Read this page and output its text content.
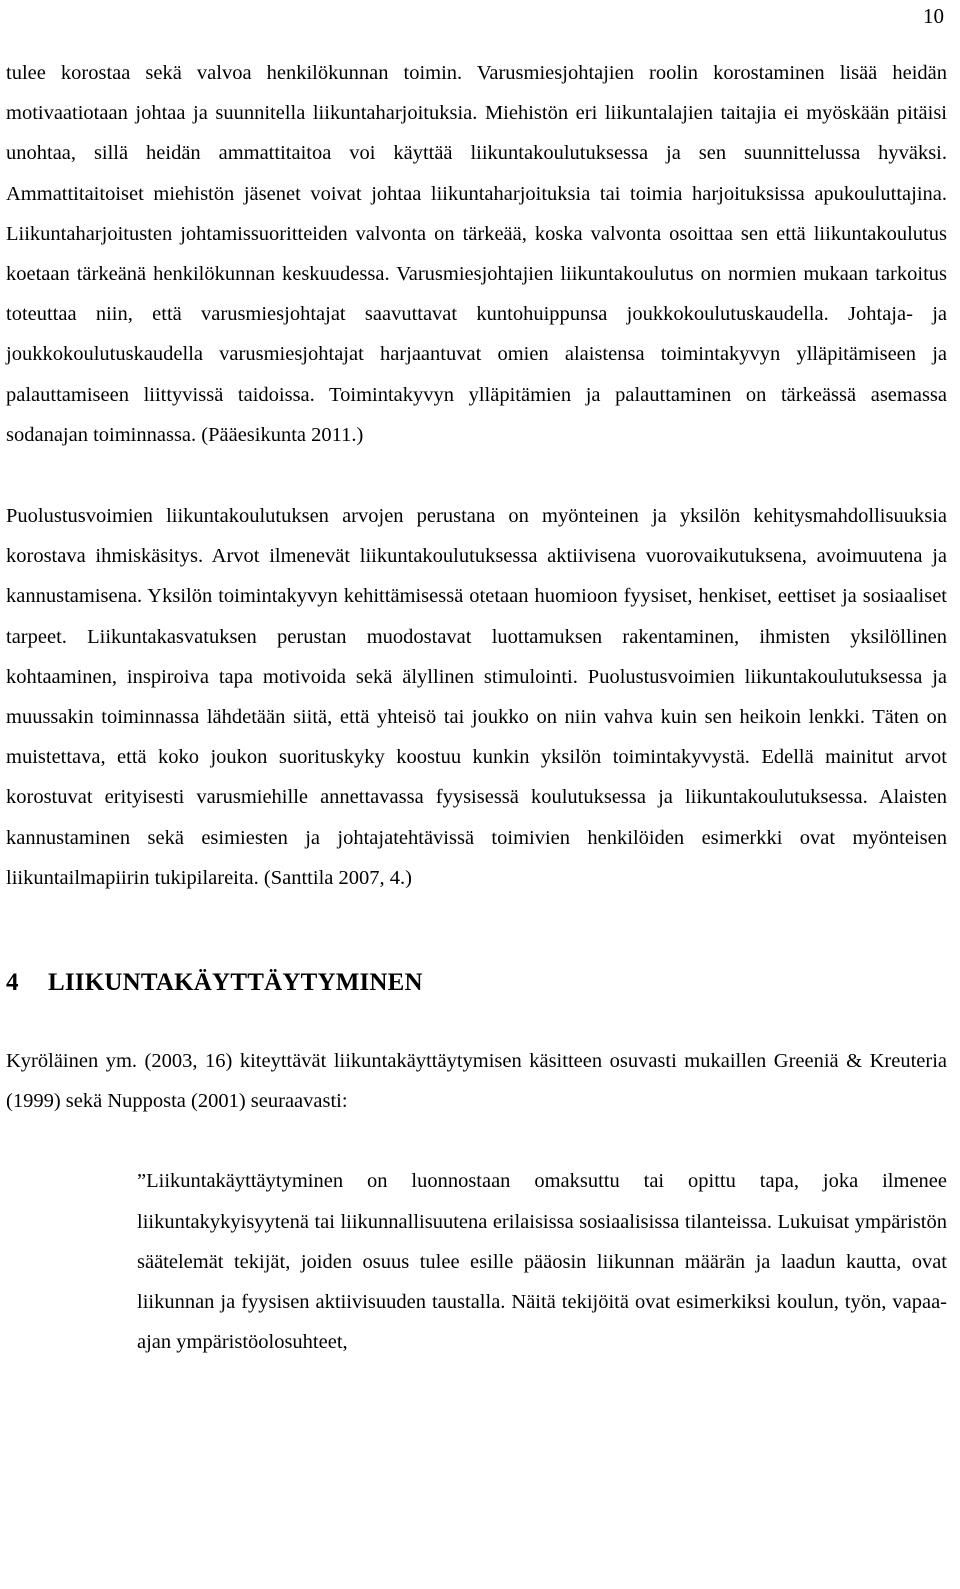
10

tulee korostaa sekä valvoa henkilökunnan toimin. Varusmiesjohtajien roolin korostaminen lisää heidän motivaatiotaan johtaa ja suunnitella liikuntaharjoituksia. Miehistön eri liikuntalajien taitajia ei myöskään pitäisi unohtaa, sillä heidän ammattitaitoa voi käyttää liikuntakoulutuksessa ja sen suunnittelussa hyväksi. Ammattitaitoiset miehistön jäsenet voivat johtaa liikuntaharjoituksia tai toimia harjoituksissa apukouluttajina. Liikuntaharjoitusten johtamissuoritteiden valvonta on tärkeää, koska valvonta osoittaa sen että liikuntakoulutus koetaan tärkeänä henkilökunnan keskuudessa. Varusmiesjohtajien liikuntakoulutus on normien mukaan tarkoitus toteuttaa niin, että varusmiesjohtajat saavuttavat kuntohuippunsa joukkokoulutuskaudella. Johtaja- ja joukkokoulutuskaudella varusmiesjohtajat harjaantuvat omien alaistensa toimintakyvyn ylläpitämiseen ja palauttamiseen liittyvissä taidoissa. Toimintakyvyn ylläpitämien ja palauttaminen on tärkeässä asemassa sodanajan toiminnassa. (Pääesikunta 2011.)

Puolustusvoimien liikuntakoulutuksen arvojen perustana on myönteinen ja yksilön kehitysmahdollisuuksia korostava ihmiskäsitys. Arvot ilmenevät liikuntakoulutuksessa aktiivisena vuorovaikutuksena, avoimuutena ja kannustamisena. Yksilön toimintakyvyn kehittämisessä otetaan huomioon fyysiset, henkiset, eettiset ja sosiaaliset tarpeet. Liikuntakasvatuksen perustan muodostavat luottamuksen rakentaminen, ihmisten yksilöllinen kohtaaminen, inspiroiva tapa motivoida sekä älyllinen stimulointi. Puolustusvoimien liikuntakoulutuksessa ja muussakin toiminnassa lähdetään siitä, että yhteisö tai joukko on niin vahva kuin sen heikoin lenkki. Täten on muistettava, että koko joukon suorituskyky koostuu kunkin yksilön toimintakyvystä. Edellä mainitut arvot korostuvat erityisesti varusmiehille annettavassa fyysisessä koulutuksessa ja liikuntakoulutuksessa. Alaisten kannustaminen sekä esimiesten ja johtajatehtävissä toimivien henkilöiden esimerkki ovat myönteisen liikuntailmapiirin tukipilareita. (Santtila 2007, 4.)

4 LIIKUNTAKÄYTTÄYTYMINEN

Kyröläinen ym. (2003, 16) kiteyttävät liikuntakäyttäytymisen käsitteen osuvasti mukaillen Greeniä & Kreuteria (1999) sekä Nupposta (2001) seuraavasti:

”Liikuntakäyttäytyminen on luonnostaan omaksuttu tai opittu tapa, joka ilmenee liikuntakykyisyytenä tai liikunnallisuutena erilaisissa sosiaalisissa tilanteissa. Lukuisat ympäristön säätelemät tekijät, joiden osuus tulee esille pääosin liikunnan määrän ja laadun kautta, ovat liikunnan ja fyysisen aktiivisuuden taustalla. Näitä tekijöitä ovat esimerkiksi koulun, työn, vapaa-ajan ympäristöolosuhteet,
